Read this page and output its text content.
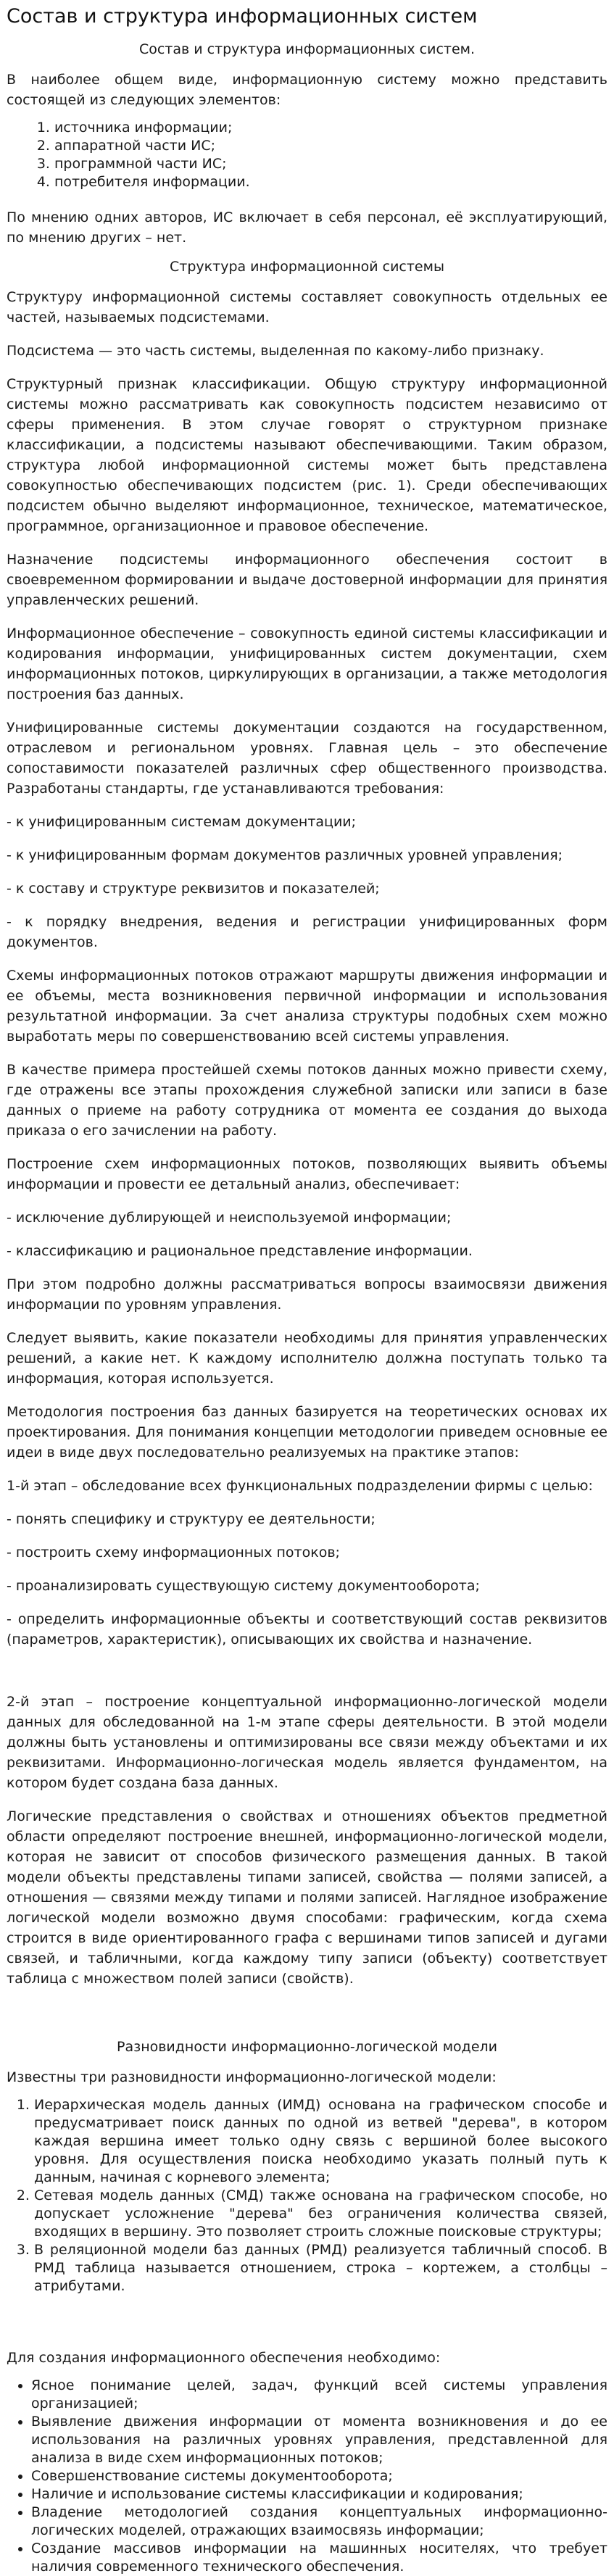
Состав и структура информационных систем
Состав и структура информационных систем.

В наиболее общем виде, информационную систему можно представить состоящей из следующих элементов:

1. источника информации;
2. аппаратной части ИС;
3. программной части ИС;
4. потребителя информации.

По мнению одних авторов, ИС включает в себя персонал, её эксплуатирующий, по мнению других – нет.

Структура информационной системы

Структуру информационной системы составляет совокупность отдельных ее частей, называемых подсистемами.

Подсистема — это часть системы, выделенная по какому-либо признаку.

Структурный признак классификации. Общую структуру информационной системы можно рассматривать как совокупность подсистем независимо от сферы применения. В этом случае говорят о структурном признаке классификации, а подсистемы называют обеспечивающими. Таким образом, структура любой информационной системы может быть представлена совокупностью обеспечивающих подсистем (рис. 1). Среди обеспечивающих подсистем обычно выделяют информационное, техническое, математическое, программное, организационное и правовое обеспечение.

Назначение подсистемы информационного обеспечения состоит в своевременном формировании и выдаче достоверной информации для принятия управленческих решений.

Информационное обеспечение – совокупность единой системы классификации и кодирования информации, унифицированных систем документации, схем информационных потоков, циркулирующих в организации, а также методология построения баз данных.

Унифицированные системы документации создаются на государственном, отраслевом и региональном уровнях. Главная цель – это обеспечение сопоставимости показателей различных сфер общественного производства. Разработаны стандарты, где устанавливаются требования:

- к унифицированным системам документации;

- к унифицированным формам документов различных уровней управления;

- к составу и структуре реквизитов и показателей;

- к порядку внедрения, ведения и регистрации унифицированных форм документов.

Схемы информационных потоков отражают маршруты движения информации и ее объемы, места возникновения первичной информации и использования результатной информации. За счет анализа структуры подобных схем можно выработать меры по совершенствованию всей системы управления.

В качестве примера простейшей схемы потоков данных можно привести схему, где отражены все этапы прохождения служебной записки или записи в базе данных о приеме на работу сотрудника от момента ее создания до выхода приказа о его зачислении на работу.

Построение схем информационных потоков, позволяющих выявить объемы информации и провести ее детальный анализ, обеспечивает:

- исключение дублирующей и неиспользуемой информации;

- классификацию и рациональное представление информации.

При этом подробно должны рассматриваться вопросы взаимосвязи движения информации по уровням управления.

Следует выявить, какие показатели необходимы для принятия управленческих решений, а какие нет. К каждому исполнителю должна поступать только та информация, которая используется.

Методология построения баз данных базируется на теоретических основах их проектирования. Для понимания концепции методологии приведем основные ее идеи в виде двух последовательно реализуемых на практике этапов:

1-й этап – обследование всех функциональных подразделении фирмы с целью:

- понять специфику и структуру ее деятельности;

- построить схему информационных потоков;

- проанализировать существующую систему документооборота;

- определить информационные объекты и соответствующий состав реквизитов (параметров, характеристик), описывающих их свойства и назначение.

2-й этап – построение концептуальной информационно-логической модели данных для обследованной на 1-м этапе сферы деятельности. В этой модели должны быть установлены и оптимизированы все связи между объектами и их реквизитами. Информационно-логическая модель является фундаментом, на котором будет создана база данных.

Логические представления о свойствах и отношениях объектов предметной области определяют построение внешней, информационно-логической модели, которая не зависит от способов физического размещения данных. В такой модели объекты представлены типами записей, свойства — полями записей, а отношения — связями между типами и полями записей. Наглядное изображение логической модели возможно двумя способами: графическим, когда схема строится в виде ориентированного графа с вершинами типов записей и дугами связей, и табличными, когда каждому типу записи (объекту) соответствует таблица с множеством полей записи (свойств).

Разновидности информационно-логической модели

Известны три разновидности информационно-логической модели:

1. Иерархическая модель данных (ИМД) основана на графическом способе и предусматривает поиск данных по одной из ветвей "дерева", в котором каждая вершина имеет только одну связь с вершиной более высокого уровня. Для осуществления поиска необходимо указать полный путь к данным, начиная с корневого элемента;
2. Сетевая модель данных (СМД) также основана на графическом способе, но допускает усложнение "дерева" без ограничения количества связей, входящих в вершину. Это позволяет строить сложные поисковые структуры;
3. В реляционной модели баз данных (РМД) реализуется табличный способ. В РМД таблица называется отношением, строка – кортежем, а столбцы – атрибутами.

Для создания информационного обеспечения необходимо:

• Ясное понимание целей, задач, функций всей системы управления организацией;
• Выявление движения информации от момента возникновения и до ее использования на различных уровнях управления, представленной для анализа в виде схем информационных потоков;
• Совершенствование системы документооборота;
• Наличие и использование системы классификации и кодирования;
• Владение методологией создания концептуальных информационно-логических моделей, отражающих взаимосвязь информации;
• Создание массивов информации на машинных носителях, что требует наличия современного технического обеспечения.
